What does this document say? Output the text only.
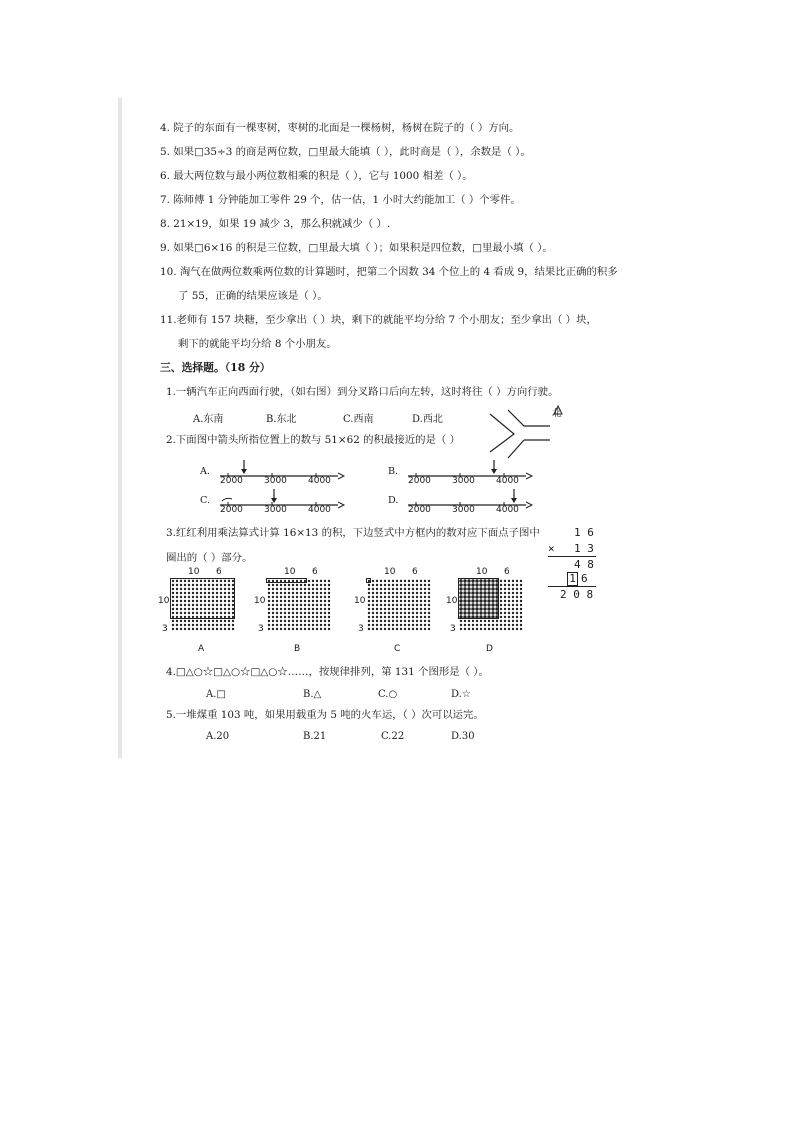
4. 院子的东面有一棵枣树，枣树的北面是一棵杨树，杨树在院子的（ ）方向。
5. 如果□35÷3 的商是两位数，□里最大能填（ ），此时商是（ ），余数是（ ）。
6. 最大两位数与最小两位数相乘的积是（ ），它与 1000 相差（ ）。
7. 陈师傅 1 分钟能加工零件 29 个，估一估，1 小时大约能加工（ ）个零件。
8. 21×19，如果 19 减少 3，那么积就减少（ ）.
9. 如果□6×16 的积是三位数，□里最大填（ ）；如果积是四位数，□里最小填（ ）。
10. 淘气在做两位数乘两位数的计算题时，把第二个因数 34 个位上的 4 看成 9，结果比正确的积多
了 55，正确的结果应该是（ ）。
11.老师有 157 块糖，至少拿出（ ）块，剩下的就能平均分给 7 个小朋友；至少拿出（ ）块，
剩下的就能平均分给 8 个小朋友。
三、选择题。（18 分）
1.一辆汽车正向西面行驶，（如右图）到分叉路口后向左转，这时将往（ ）方向行驶。
A.东南	B.东北	C.西南	D.西北
北
2.下面图中箭头所指位置上的数与 51×62 的积最接近的是（ ）
A.
2000 3000 4000
C.
2000 3000 4000
B.
2000 3000 4000
D.
2000 3000 4000
3.红红利用乘法算式计算 16×13 的积，下边竖式中方框内的数对应下面点子图中
圈出的（ ）部分。
1 6
× 1 3
4 8
1 6
2 0 8
10 6
10
3
A
10 6
10
3
B
10 6
10
3
C
10 6
10
3
D
4.□△○☆□△○☆□△○☆……，按规律排列，第 131 个图形是（ ）。
A.□	B.△	C.○	D.☆
5.一堆煤重 103 吨，如果用载重为 5 吨的火车运，（ ）次可以运完。
A.20	B.21	C.22	D.30
